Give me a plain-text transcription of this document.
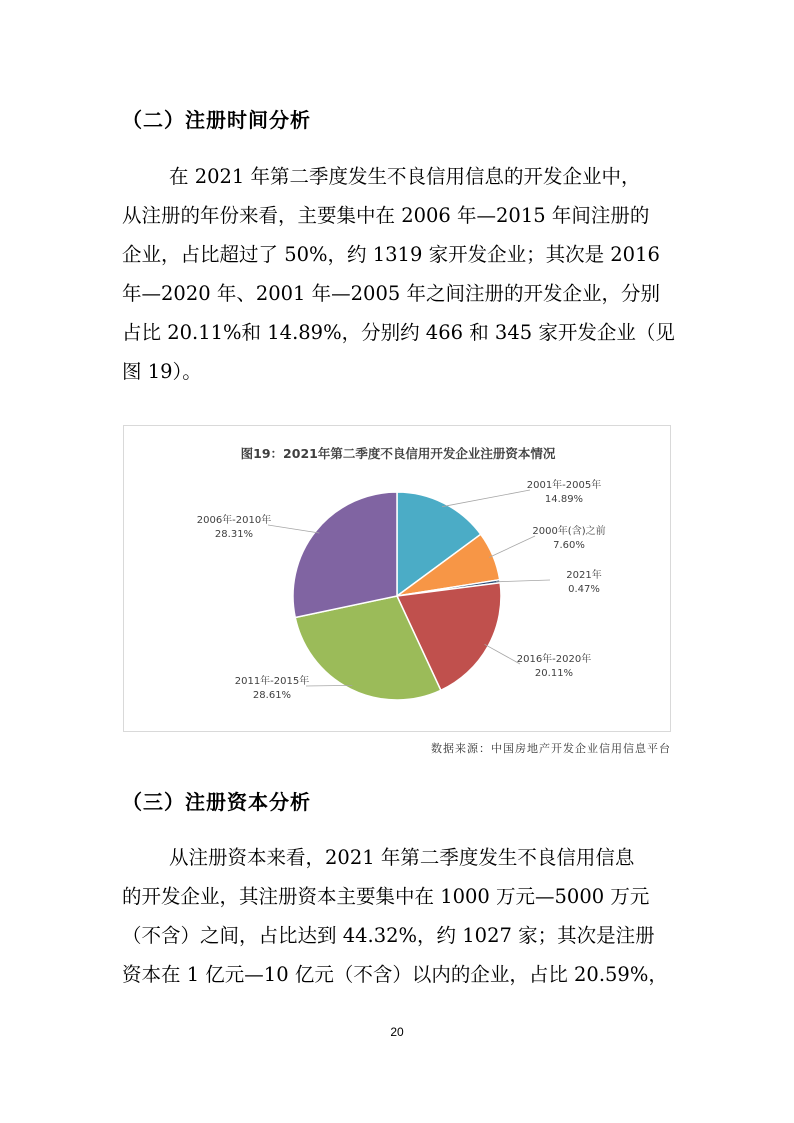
（二）注册时间分析
在 2021 年第二季度发生不良信用信息的开发企业中，
从注册的年份来看，主要集中在 2006 年—2015 年间注册的
企业，占比超过了 50%，约 1319 家开发企业；其次是 2016
年—2020 年、2001 年—2005 年之间注册的开发企业，分别
占比 20.11%和 14.89%，分别约 466 和 345 家开发企业（见
图 19）。
图19：2021年第二季度不良信用开发企业注册资本情况
2001年-2005年
14.89%
2000年(含)之前
7.60%
2021年
0.47%
2016年-2020年
20.11%
2011年-2015年
28.61%
2006年-2010年
28.31%
数据来源：中国房地产开发企业信用信息平台
（三）注册资本分析
从注册资本来看，2021 年第二季度发生不良信用信息
的开发企业，其注册资本主要集中在 1000 万元—5000 万元
（不含）之间，占比达到 44.32%，约 1027 家；其次是注册
资本在 1 亿元—10 亿元（不含）以内的企业，占比 20.59%，
20
